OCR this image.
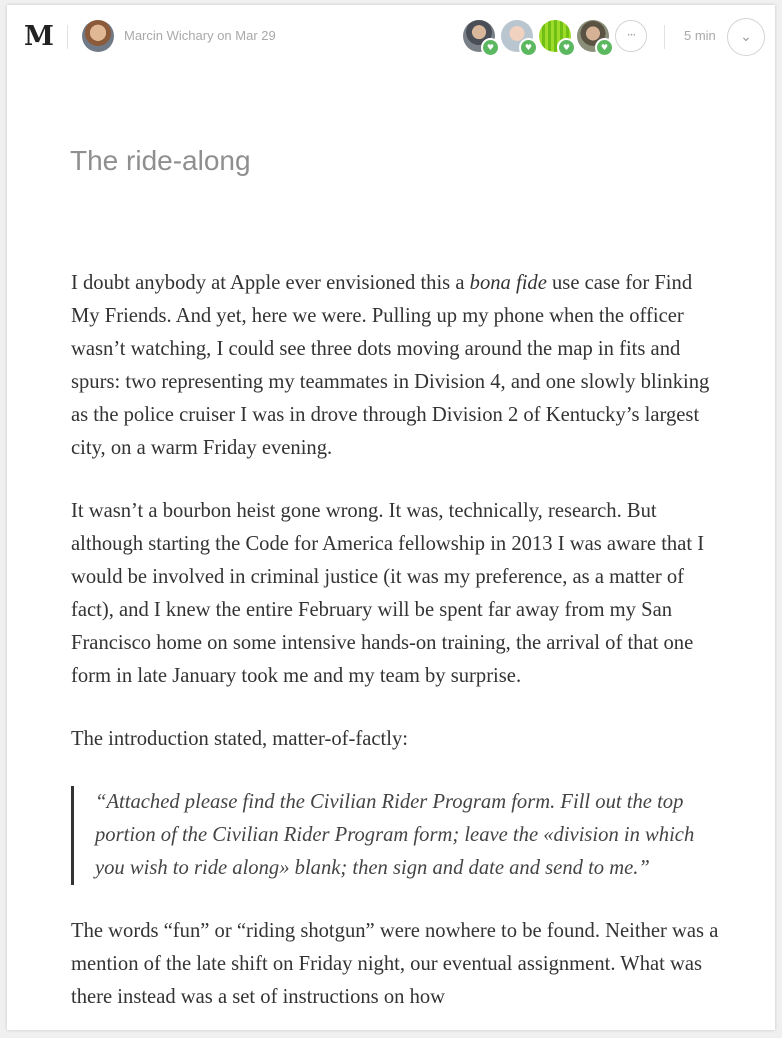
M	Marcin Wichary on Mar 29
♥	♥	♥	♥
···	5 min	⌄
The ride-along

I doubt anybody at Apple ever envisioned this a bona fide use case for Find My Friends. And yet, here we were. Pulling up my phone when the officer wasn’t watching, I could see three dots moving around the map in fits and spurs: two representing my teammates in Division 4, and one slowly blinking as the police cruiser I was in drove through Division 2 of Kentucky’s largest city, on a warm Friday evening.

It wasn’t a bourbon heist gone wrong. It was, technically, research. But although starting the Code for America fellowship in 2013 I was aware that I would be involved in criminal justice (it was my preference, as a matter of fact), and I knew the entire February will be spent far away from my San Francisco home on some intensive hands-on training, the arrival of that one form in late January took me and my team by surprise.

The introduction stated, matter-of-factly:

“Attached please find the Civilian Rider Program form. Fill out the top portion of the Civilian Rider Program form; leave the «division in which you wish to ride along» blank; then sign and date and send to me.”

The words “fun” or “riding shotgun” were nowhere to be found. Neither was a mention of the late shift on Friday night, our eventual assignment. What was there instead was a set of instructions on how
